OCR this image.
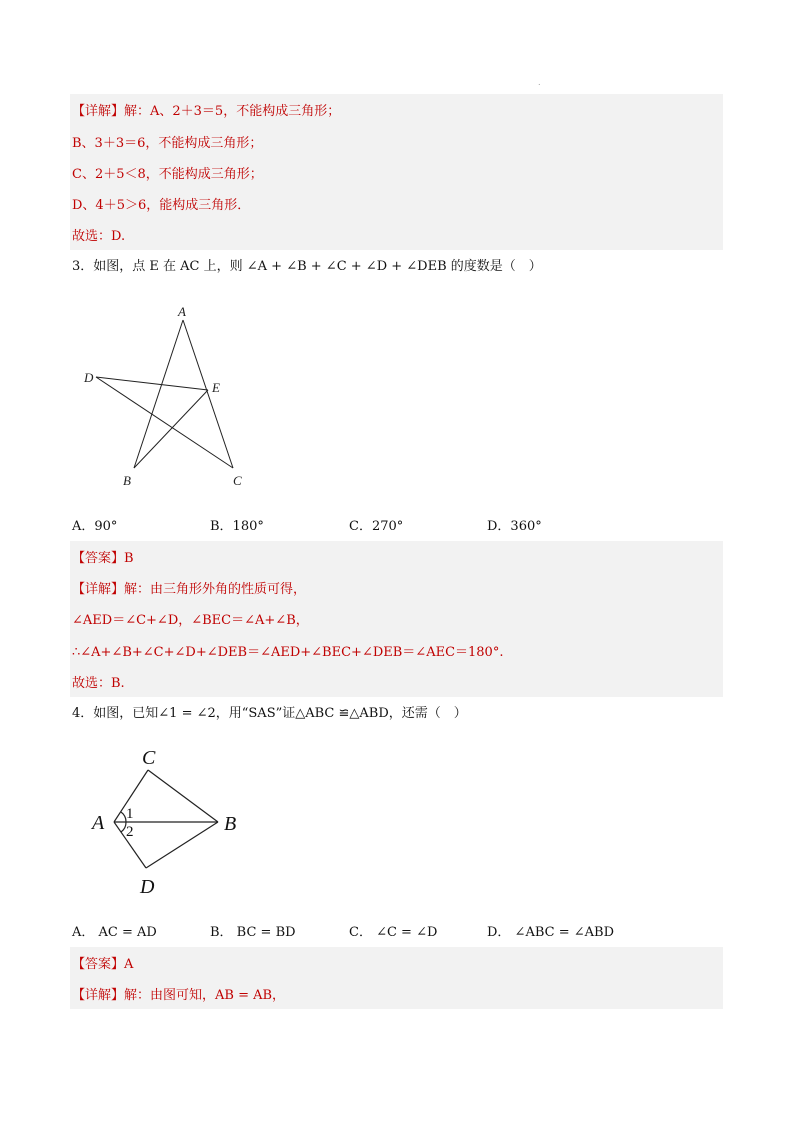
.
【详解】解：A、2＋3＝5，不能构成三角形；
B、3＋3＝6，不能构成三角形；
C、2＋5＜8，不能构成三角形；
D、4＋5＞6，能构成三角形．
故选：D.
3．如图，点 E 在 AC 上，则 ∠A + ∠B + ∠C + ∠D + ∠DEB 的度数是（　）
A
D
E
B	C
A．90°	B．180°	C．270°	D．360°
【答案】B
【详解】解：由三角形外角的性质可得，
∠AED＝∠C+∠D，∠BEC＝∠A+∠B，
∴∠A+∠B+∠C+∠D+∠DEB＝∠AED+∠BEC+∠DEB＝∠AEC＝180°.
故选：B.
4．如图，已知∠1 = ∠2，用“SAS”证△ABC ≌△ABD，还需（　）
C
A	B
D
1
2
A． AC = AD	B． BC = BD	C． ∠C = ∠D	D． ∠ABC = ∠ABD
【答案】A
【详解】解：由图可知，AB = AB，
